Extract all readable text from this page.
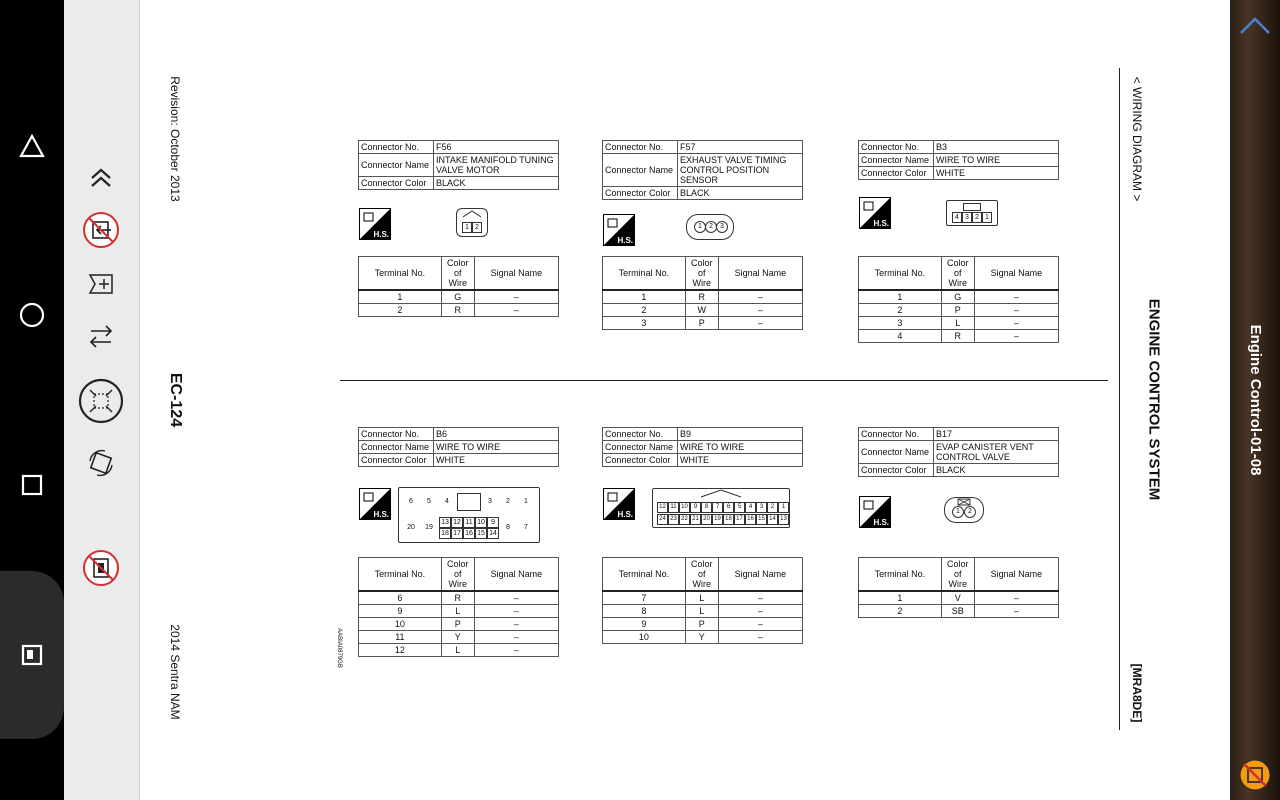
Engine Control-01-08
Revision: October 2013
EC-124
2014 Sentra NAM
< WIRING DIAGRAM >
ENGINE CONTROL SYSTEM
[MRA8DE]
AABIA0879GB
Connector No.	F56
Connector Name	INTAKE MANIFOLD TUNING VALVE MOTOR
Connector Color	BLACK
H.S.
1 2
Terminal No.	Color of Wire	Signal Name
1	G	–
2	R	–
Connector No.	F57
Connector Name	EXHAUST VALVE TIMING CONTROL POSITION SENSOR
Connector Color	BLACK
H.S.
1	2	3
Terminal No.	Color of Wire	Signal Name
1	R	–
2	W	–
3	P	–
Connector No.	B3
Connector Name	WIRE TO WIRE
Connector Color	WHITE
H.S.
4 3 2 1
Terminal No.	Color of Wire	Signal Name
1	G	–
2	P	–
3	L	–
4	R	–
Connector No.	B6
Connector Name	WIRE TO WIRE
Connector Color	WHITE
H.S.
6	5	4	3	2	1
20	19
13 12 11 10 9
18 17 16 15 14
8	7
Terminal No.	Color of Wire	Signal Name
6	R	–
9	L	–
10	P	–
11	Y	–
12	L	–
Connector No.	B9
Connector Name	WIRE TO WIRE
Connector Color	WHITE
H.S.
12 11 10 9	8	7	6	5	4	3	2	1
24 23 22 21 20 19 18 17 16 15 14 13
Terminal No.	Color of Wire	Signal Name
7	L	–
8	L	–
9	P	–
10	Y	–
Connector No.	B17
Connector Name	EVAP CANISTER VENT CONTROL VALVE
Connector Color	BLACK
H.S.
1	2
Terminal No.	Color of Wire	Signal Name
1	V	–
2	SB	–
